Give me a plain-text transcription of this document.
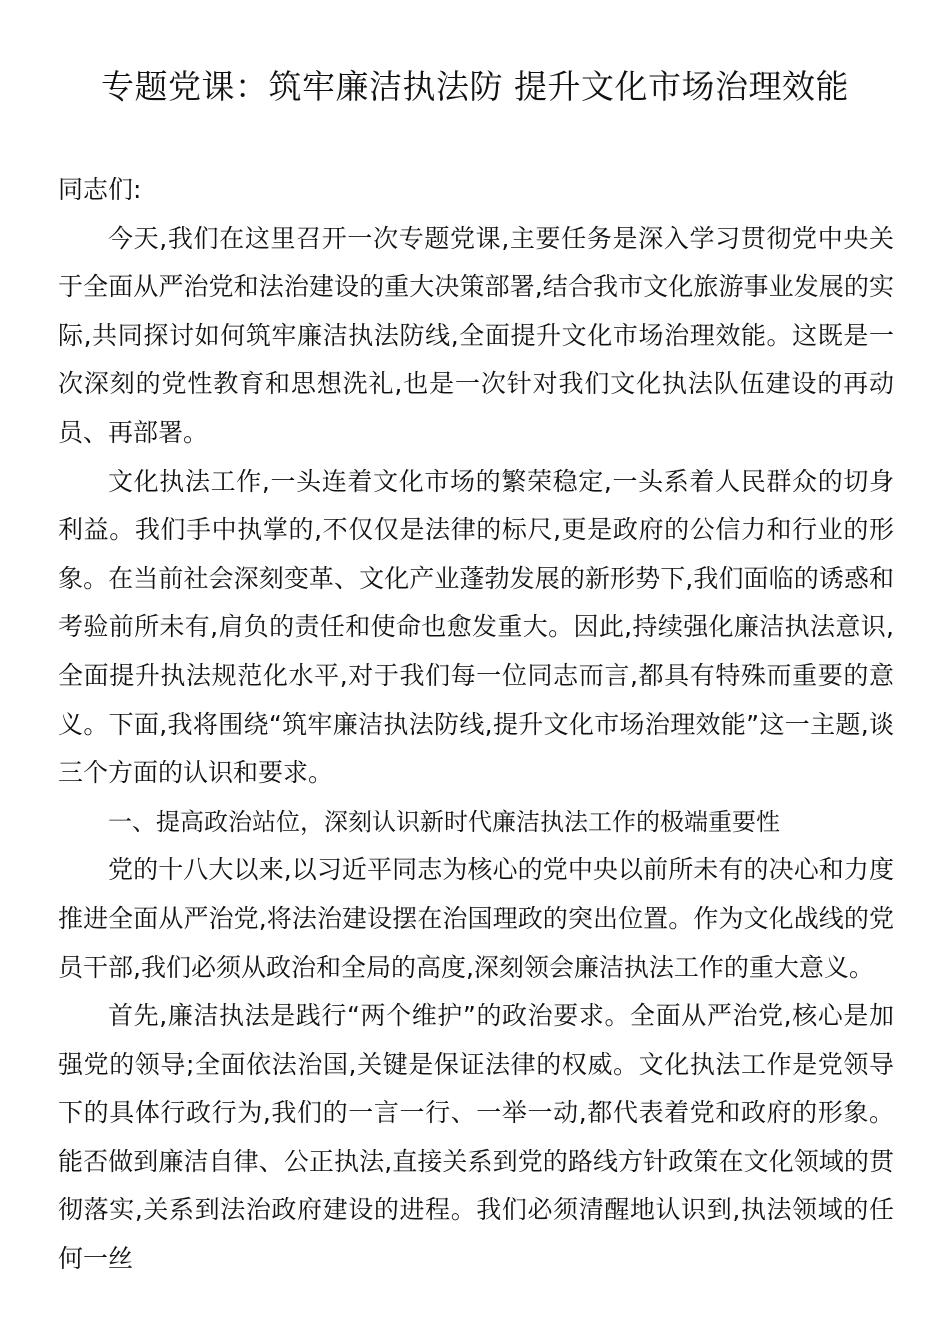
专题党课：筑牢廉洁执法防 提升文化市场治理效能

同志们:

今天,我们在这里召开一次专题党课,主要任务是深入学习贯彻党中央关于全面从严治党和法治建设的重大决策部署,结合我市文化旅游事业发展的实际,共同探讨如何筑牢廉洁执法防线,全面提升文化市场治理效能。这既是一次深刻的党性教育和思想洗礼,也是一次针对我们文化执法队伍建设的再动员、再部署。

文化执法工作,一头连着文化市场的繁荣稳定,一头系着人民群众的切身利益。我们手中执掌的,不仅仅是法律的标尺,更是政府的公信力和行业的形象。在当前社会深刻变革、文化产业蓬勃发展的新形势下,我们面临的诱惑和考验前所未有,肩负的责任和使命也愈发重大。因此,持续强化廉洁执法意识,全面提升执法规范化水平,对于我们每一位同志而言,都具有特殊而重要的意义。下面,我将围绕“筑牢廉洁执法防线,提升文化市场治理效能”这一主题,谈三个方面的认识和要求。

一、提高政治站位，深刻认识新时代廉洁执法工作的极端重要性

党的十八大以来,以习近平同志为核心的党中央以前所未有的决心和力度推进全面从严治党,将法治建设摆在治国理政的突出位置。作为文化战线的党员干部,我们必须从政治和全局的高度,深刻领会廉洁执法工作的重大意义。

首先,廉洁执法是践行“两个维护”的政治要求。全面从严治党,核心是加强党的领导;全面依法治国,关键是保证法律的权威。文化执法工作是党领导下的具体行政行为,我们的一言一行、一举一动,都代表着党和政府的形象。能否做到廉洁自律、公正执法,直接关系到党的路线方针政策在文化领域的贯彻落实,关系到法治政府建设的进程。我们必须清醒地认识到,执法领域的任何一丝
